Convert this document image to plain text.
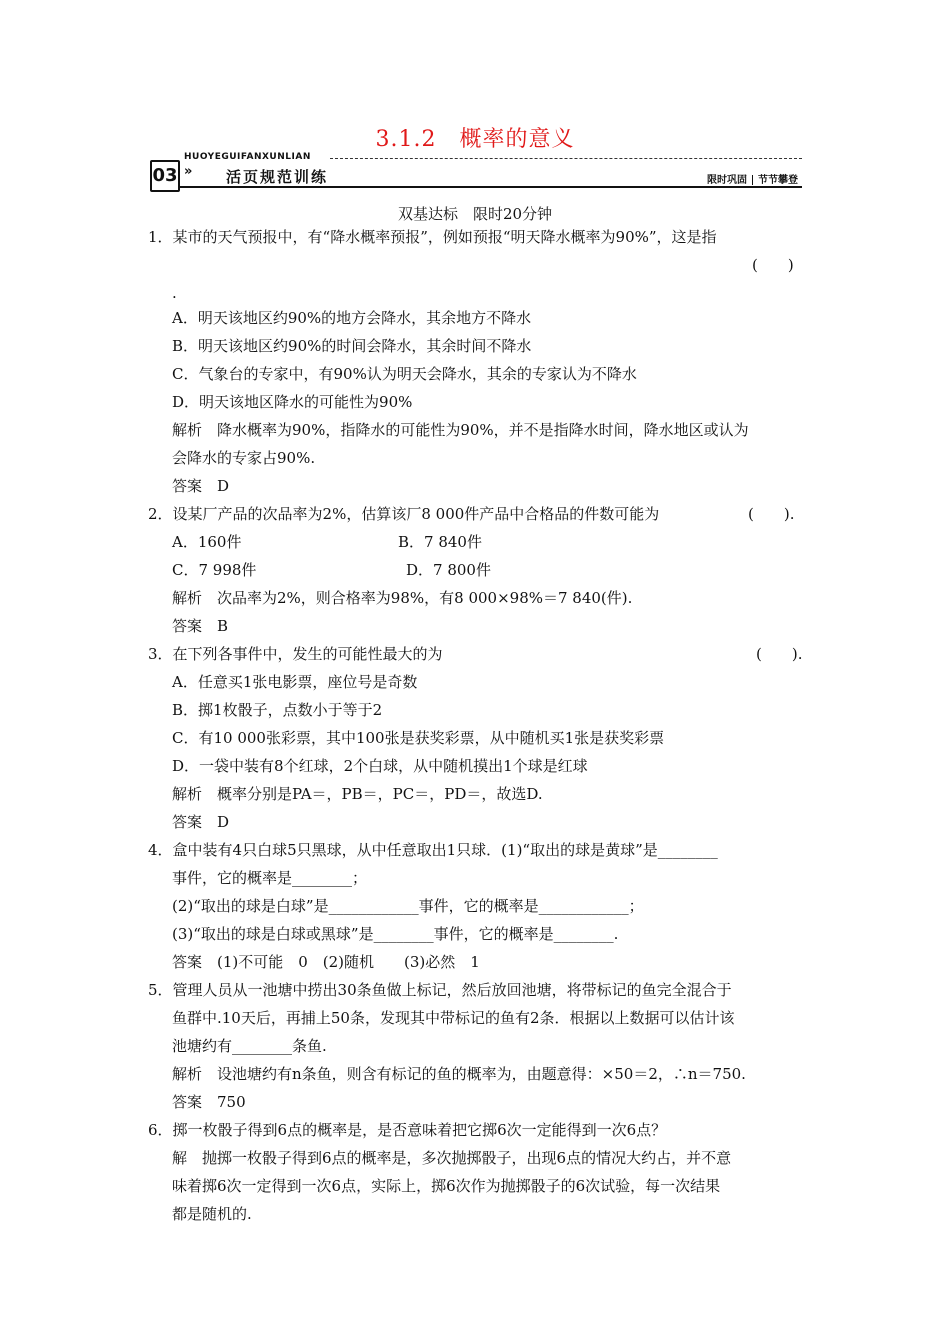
3.1.2　概率的意义
HUOYEGUIFANXUNLIAN
03 » 活页规范训练	限时巩固 节节攀登
双基达标　限时20分钟
1．某市的天气预报中，有“降水概率预报”，例如预报“明天降水概率为90%”，这是指
(　　)
.
A．明天该地区约90%的地方会降水，其余地方不降水
B．明天该地区约90%的时间会降水，其余时间不降水
C．气象台的专家中，有90%认为明天会降水，其余的专家认为不降水
D．明天该地区降水的可能性为90%
解析　降水概率为90%，指降水的可能性为90%，并不是指降水时间，降水地区或认为
会降水的专家占90%.
答案　D
2．设某厂产品的次品率为2%，估算该厂8 000件产品中合格品的件数可能为	(　　).
A．160件	B．7 840件
C．7 998件	D．7 800件
解析　次品率为2%，则合格率为98%，有8 000×98%＝7 840(件).
答案　B
3．在下列各事件中，发生的可能性最大的为	(　　).
A．任意买1张电影票，座位号是奇数
B．掷1枚骰子，点数小于等于2
C．有10 000张彩票，其中100张是获奖彩票，从中随机买1张是获奖彩票
D．一袋中装有8个红球，2个白球，从中随机摸出1个球是红球
解析　概率分别是PA＝，PB＝，PC＝，PD＝，故选D.
答案　D
4．盒中装有4只白球5只黑球，从中任意取出1只球．(1)“取出的球是黄球”是________
事件，它的概率是________；
(2)“取出的球是白球”是____________事件，它的概率是____________；
(3)“取出的球是白球或黑球”是________事件，它的概率是________.
答案　(1)不可能　0　(2)随机　　(3)必然　1
5．管理人员从一池塘中捞出30条鱼做上标记，然后放回池塘，将带标记的鱼完全混合于
鱼群中.10天后，再捕上50条，发现其中带标记的鱼有2条．根据以上数据可以估计该
池塘约有________条鱼.
解析　设池塘约有n条鱼，则含有标记的鱼的概率为，由题意得：×50＝2，∴n＝750.
答案　750
6．掷一枚骰子得到6点的概率是，是否意味着把它掷6次一定能得到一次6点？
解　抛掷一枚骰子得到6点的概率是，多次抛掷骰子，出现6点的情况大约占，并不意
味着掷6次一定得到一次6点，实际上，掷6次作为抛掷骰子的6次试验，每一次结果
都是随机的.
